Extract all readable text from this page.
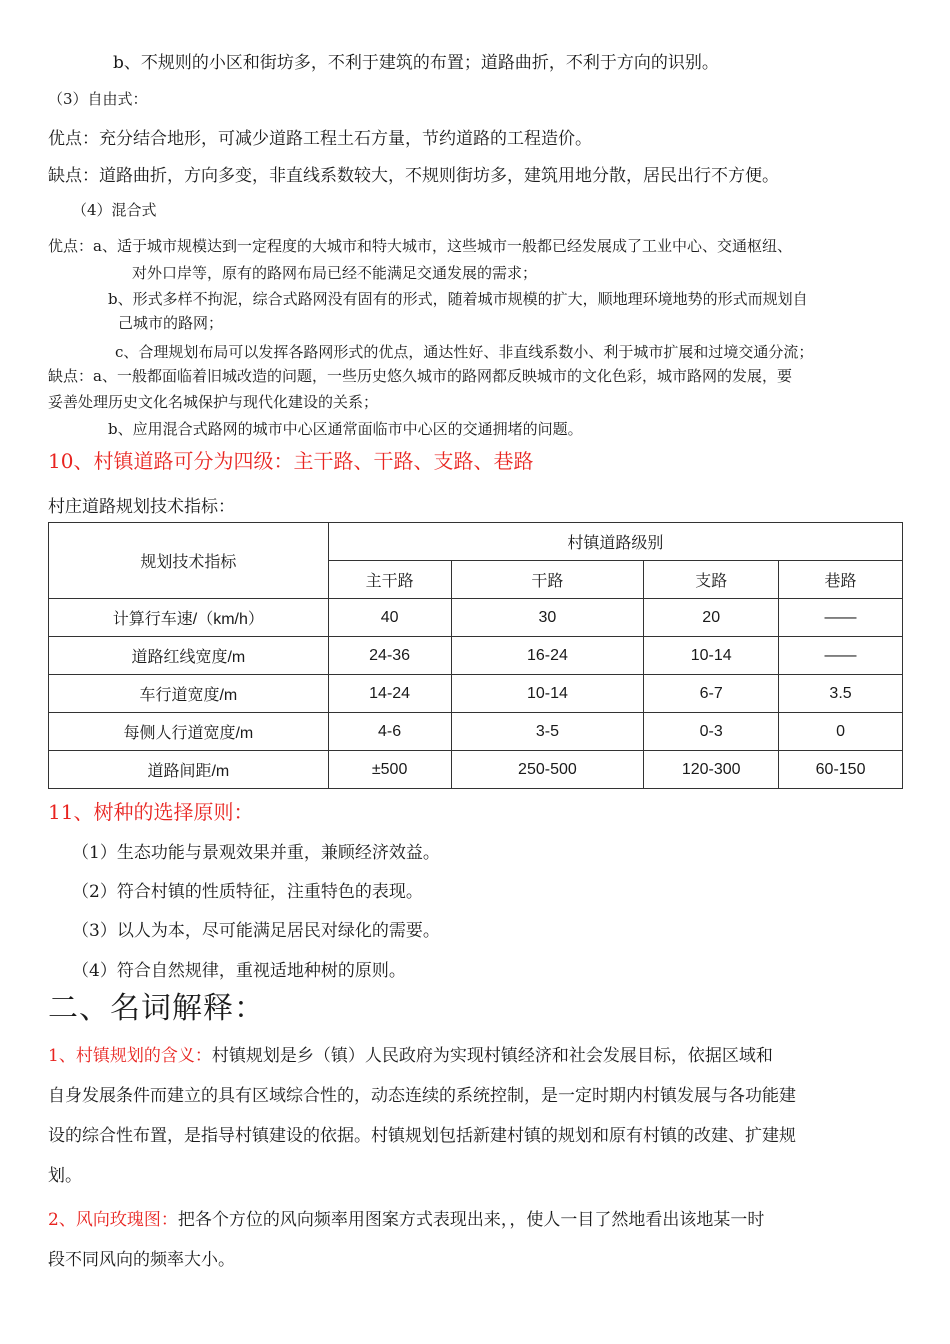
b、不规则的小区和街坊多，不利于建筑的布置；道路曲折，不利于方向的识别。
（3）自由式：
优点：充分结合地形，可减少道路工程土石方量，节约道路的工程造价。
缺点：道路曲折，方向多变，非直线系数较大，不规则街坊多，建筑用地分散，居民出行不方便。
（4）混合式
优点：a、适于城市规模达到一定程度的大城市和特大城市，这些城市一般都已经发展成了工业中心、交通枢纽、
对外口岸等，原有的路网布局已经不能满足交通发展的需求；
b、形式多样不拘泥，综合式路网没有固有的形式，随着城市规模的扩大，顺地理环境地势的形式而规划自
己城市的路网；
c、合理规划布局可以发挥各路网形式的优点，通达性好、非直线系数小、利于城市扩展和过境交通分流；
缺点：a、一般都面临着旧城改造的问题，一些历史悠久城市的路网都反映城市的文化色彩，城市路网的发展，要
妥善处理历史文化名城保护与现代化建设的关系；
b、应用混合式路网的城市中心区通常面临市中心区的交通拥堵的问题。
10、村镇道路可分为四级：主干路、干路、支路、巷路
村庄道路规划技术指标：
规划技术指标	村镇道路级别			
	主干路	干路	支路	巷路
计算行车速/（km/h）	40	30	20	——
道路红线宽度/m	24-36	16-24	10-14	——
车行道宽度/m	14-24	10-14	6-7	3.5
每侧人行道宽度/m	4-6	3-5	0-3	0
道路间距/m	±500	250-500	120-300	60-150
11、树种的选择原则：
（1）生态功能与景观效果并重，兼顾经济效益。
（2）符合村镇的性质特征，注重特色的表现。
（3）以人为本，尽可能满足居民对绿化的需要。
（4）符合自然规律，重视适地种树的原则。
二、名词解释：
1、村镇规划的含义：村镇规划是乡（镇）人民政府为实现村镇经济和社会发展目标，依据区域和
自身发展条件而建立的具有区域综合性的，动态连续的系统控制，是一定时期内村镇发展与各功能建
设的综合性布置，是指导村镇建设的依据。村镇规划包括新建村镇的规划和原有村镇的改建、扩建规
划。
2、风向玫瑰图：把各个方位的风向频率用图案方式表现出来，，使人一目了然地看出该地某一时
段不同风向的频率大小。
